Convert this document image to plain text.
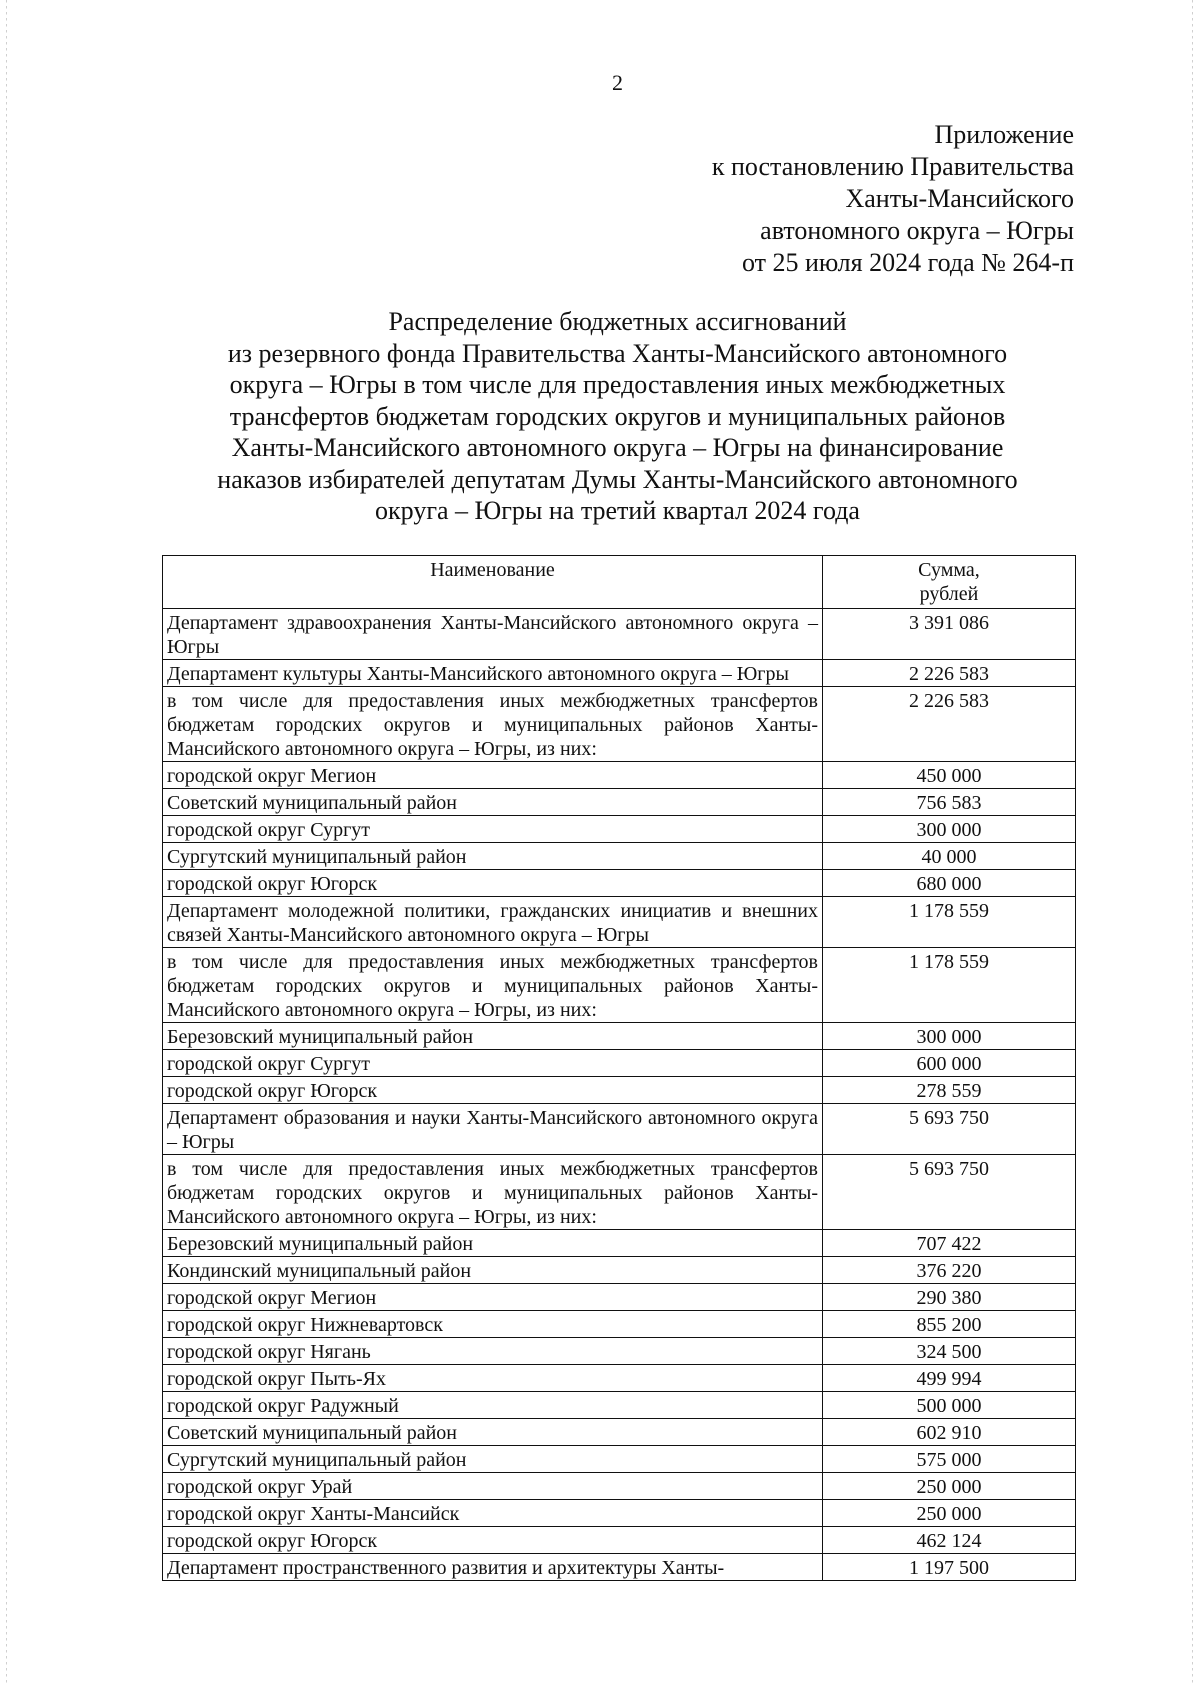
2
Приложение
к постановлению Правительства
Ханты-Мансийского
автономного округа – Югры
от 25 июля 2024 года № 264-п
Распределение бюджетных ассигнований
из резервного фонда Правительства Ханты-Мансийского автономного
округа – Югры в том числе для предоставления иных межбюджетных
трансфертов бюджетам городских округов и муниципальных районов
Ханты-Мансийского автономного округа – Югры на финансирование
наказов избирателей депутатам Думы Ханты-Мансийского автономного
округа – Югры на третий квартал 2024 года
Наименование	Сумма,
рублей

Департамент здравоохранения Ханты-Мансийского автономного округа – Югры	3 391 086
Департамент культуры Ханты-Мансийского автономного округа – Югры	2 226 583
в том числе для предоставления иных межбюджетных трансфертов бюджетам городских округов и муниципальных районов Ханты-Мансийского автономного округа – Югры, из них:	2 226 583
городской округ Мегион	450 000
Советский муниципальный район	756 583
городской округ Сургут	300 000
Сургутский муниципальный район	40 000
городской округ Югорск	680 000
Департамент молодежной политики, гражданских инициатив и внешних связей Ханты-Мансийского автономного округа – Югры	1 178 559
в том числе для предоставления иных межбюджетных трансфертов бюджетам городских округов и муниципальных районов Ханты-Мансийского автономного округа – Югры, из них:	1 178 559
Березовский муниципальный район	300 000
городской округ Сургут	600 000
городской округ Югорск	278 559
Департамент образования и науки Ханты-Мансийского автономного округа – Югры	5 693 750
в том числе для предоставления иных межбюджетных трансфертов бюджетам городских округов и муниципальных районов Ханты-Мансийского автономного округа – Югры, из них:	5 693 750
Березовский муниципальный район	707 422
Кондинский муниципальный район	376 220
городской округ Мегион	290 380
городской округ Нижневартовск	855 200
городской округ Нягань	324 500
городской округ Пыть-Ях	499 994
городской округ Радужный	500 000
Советский муниципальный район	602 910
Сургутский муниципальный район	575 000
городской округ Урай	250 000
городской округ Ханты-Мансийск	250 000
городской округ Югорск	462 124
Департамент пространственного развития и архитектуры Ханты-	1 197 500
